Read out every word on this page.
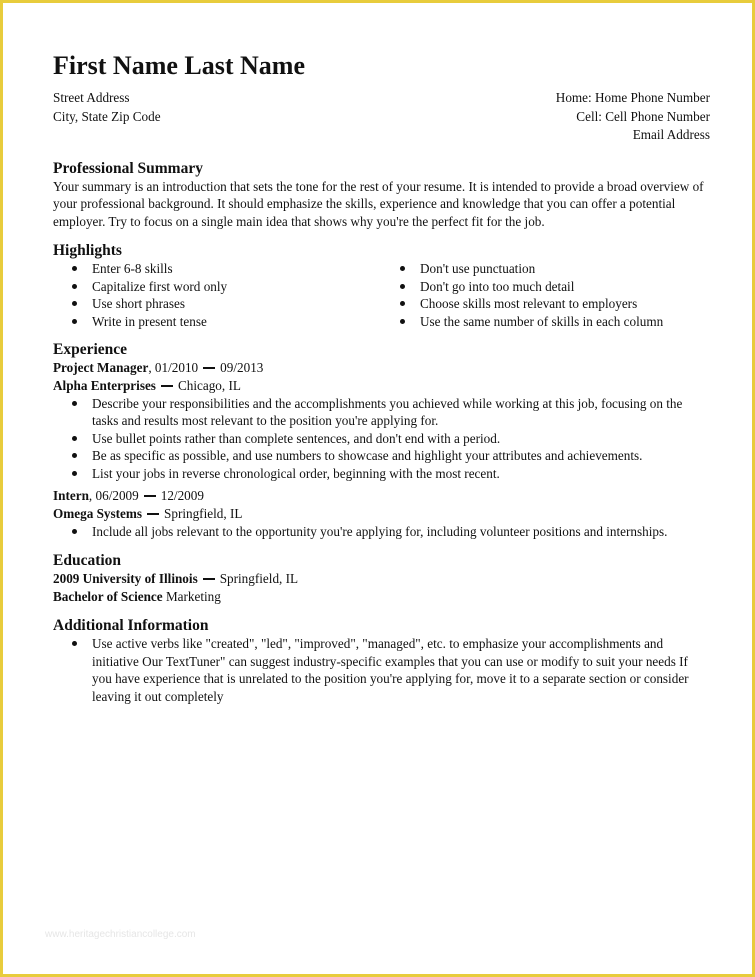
First Name Last Name
Street Address
City, State Zip Code
Home: Home Phone Number
Cell: Cell Phone Number
Email Address
Professional Summary

Your summary is an introduction that sets the tone for the rest of your resume. It is intended to provide a broad overview of your professional background. It should emphasize the skills, experience and knowledge that you can offer a potential employer. Try to focus on a single main idea that shows why you're the perfect fit for the job.

Highlights
Enter 6-8 skills
Capitalize first word only
Use short phrases
Write in present tense
Don't use punctuation
Don't go into too much detail
Choose skills most relevant to employers
Use the same number of skills in each column
Experience
Project Manager, 01/2010 09/2013
Alpha Enterprises Chicago, IL
Describe your responsibilities and the accomplishments you achieved while working at this job, focusing on the tasks and results most relevant to the position you're applying for.
Use bullet points rather than complete sentences, and don't end with a period.
Be as specific as possible, and use numbers to showcase and highlight your attributes and achievements.
List your jobs in reverse chronological order, beginning with the most recent.
Intern, 06/2009 12/2009
Omega Systems Springfield, IL
Include all jobs relevant to the opportunity you're applying for, including volunteer positions and internships.
Education
2009 University of Illinois Springfield, IL
Bachelor of Science Marketing
Additional Information
Use active verbs like "created", "led", "improved", "managed", etc. to emphasize your accomplishments and initiative Our TextTuner" can suggest industry-specific examples that you can use or modify to suit your needs If you have experience that is unrelated to the position you're applying for, move it to a separate section or consider leaving it out completely
www.heritagechristiancollege.com
